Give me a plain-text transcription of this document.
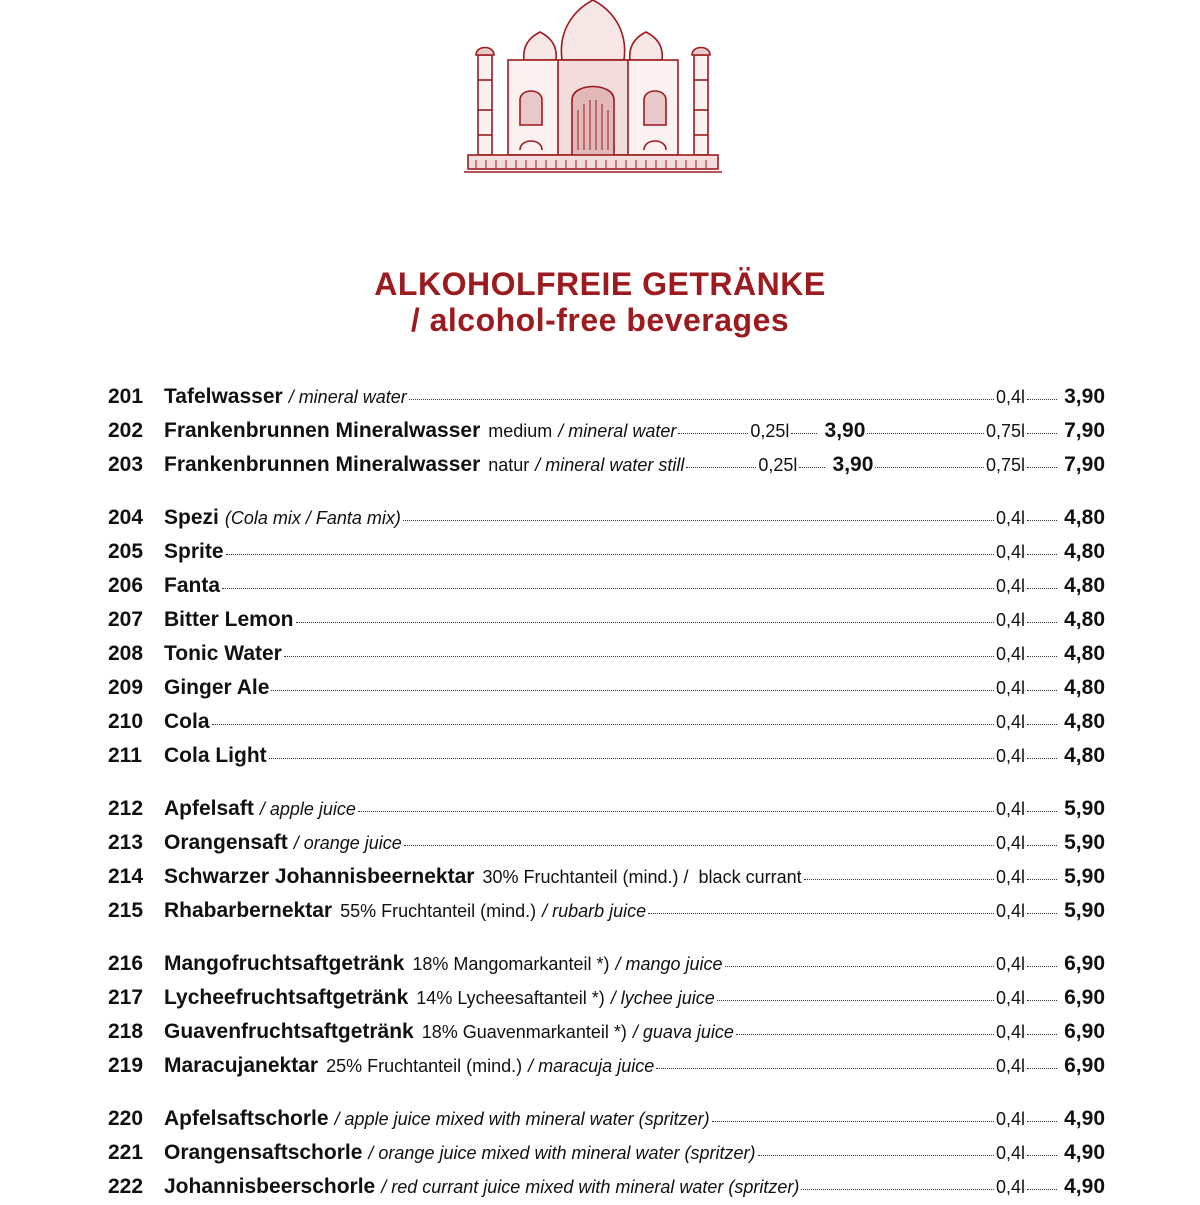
ALKOHOLFREIE GETRÄNKE
/ alcohol-free beverages
201 Tafelwasser / mineral water	0,4l 3,90
202 Frankenbrunnen Mineralwasser medium / mineral water	0,25l 3,90	0,75l 7,90
203 Frankenbrunnen Mineralwasser natur / mineral water still	0,25l 3,90	0,75l 7,90
204 Spezi (Cola mix / Fanta mix)	0,4l 4,80
205 Sprite	0,4l 4,80
206 Fanta	0,4l 4,80
207 Bitter Lemon	0,4l 4,80
208 Tonic Water	0,4l 4,80
209 Ginger Ale	0,4l 4,80
210 Cola	0,4l 4,80
211	Cola Light	0,4l 4,80
212 Apfelsaft / apple juice	0,4l 5,90
213 Orangensaft / orange juice	0,4l 5,90
214 Schwarzer Johannisbeernektar 30% Fruchtanteil (mind.) / black currant	0,4l 5,90
215 Rhabarbernektar 55% Fruchtanteil (mind.) / rubarb juice	0,4l 5,90
216 Mangofruchtsaftgetränk 18% Mangomarkanteil *) / mango juice	0,4l 6,90
217 Lycheefruchtsaftgetränk 14% Lycheesaftanteil *) / lychee juice	0,4l 6,90
218 Guavenfruchtsaftgetränk 18% Guavenmarkanteil *) / guava juice	0,4l 6,90
219 Maracujanektar 25% Fruchtanteil (mind.) / maracuja juice	0,4l 6,90
220 Apfelsaftschorle / apple juice mixed with mineral water (spritzer)	0,4l 4,90
221 Orangensaftschorle / orange juice mixed with mineral water (spritzer)	0,4l 4,90
222 Johannisbeerschorle / red currant juice mixed with mineral water (spritzer)	0,4l 4,90
